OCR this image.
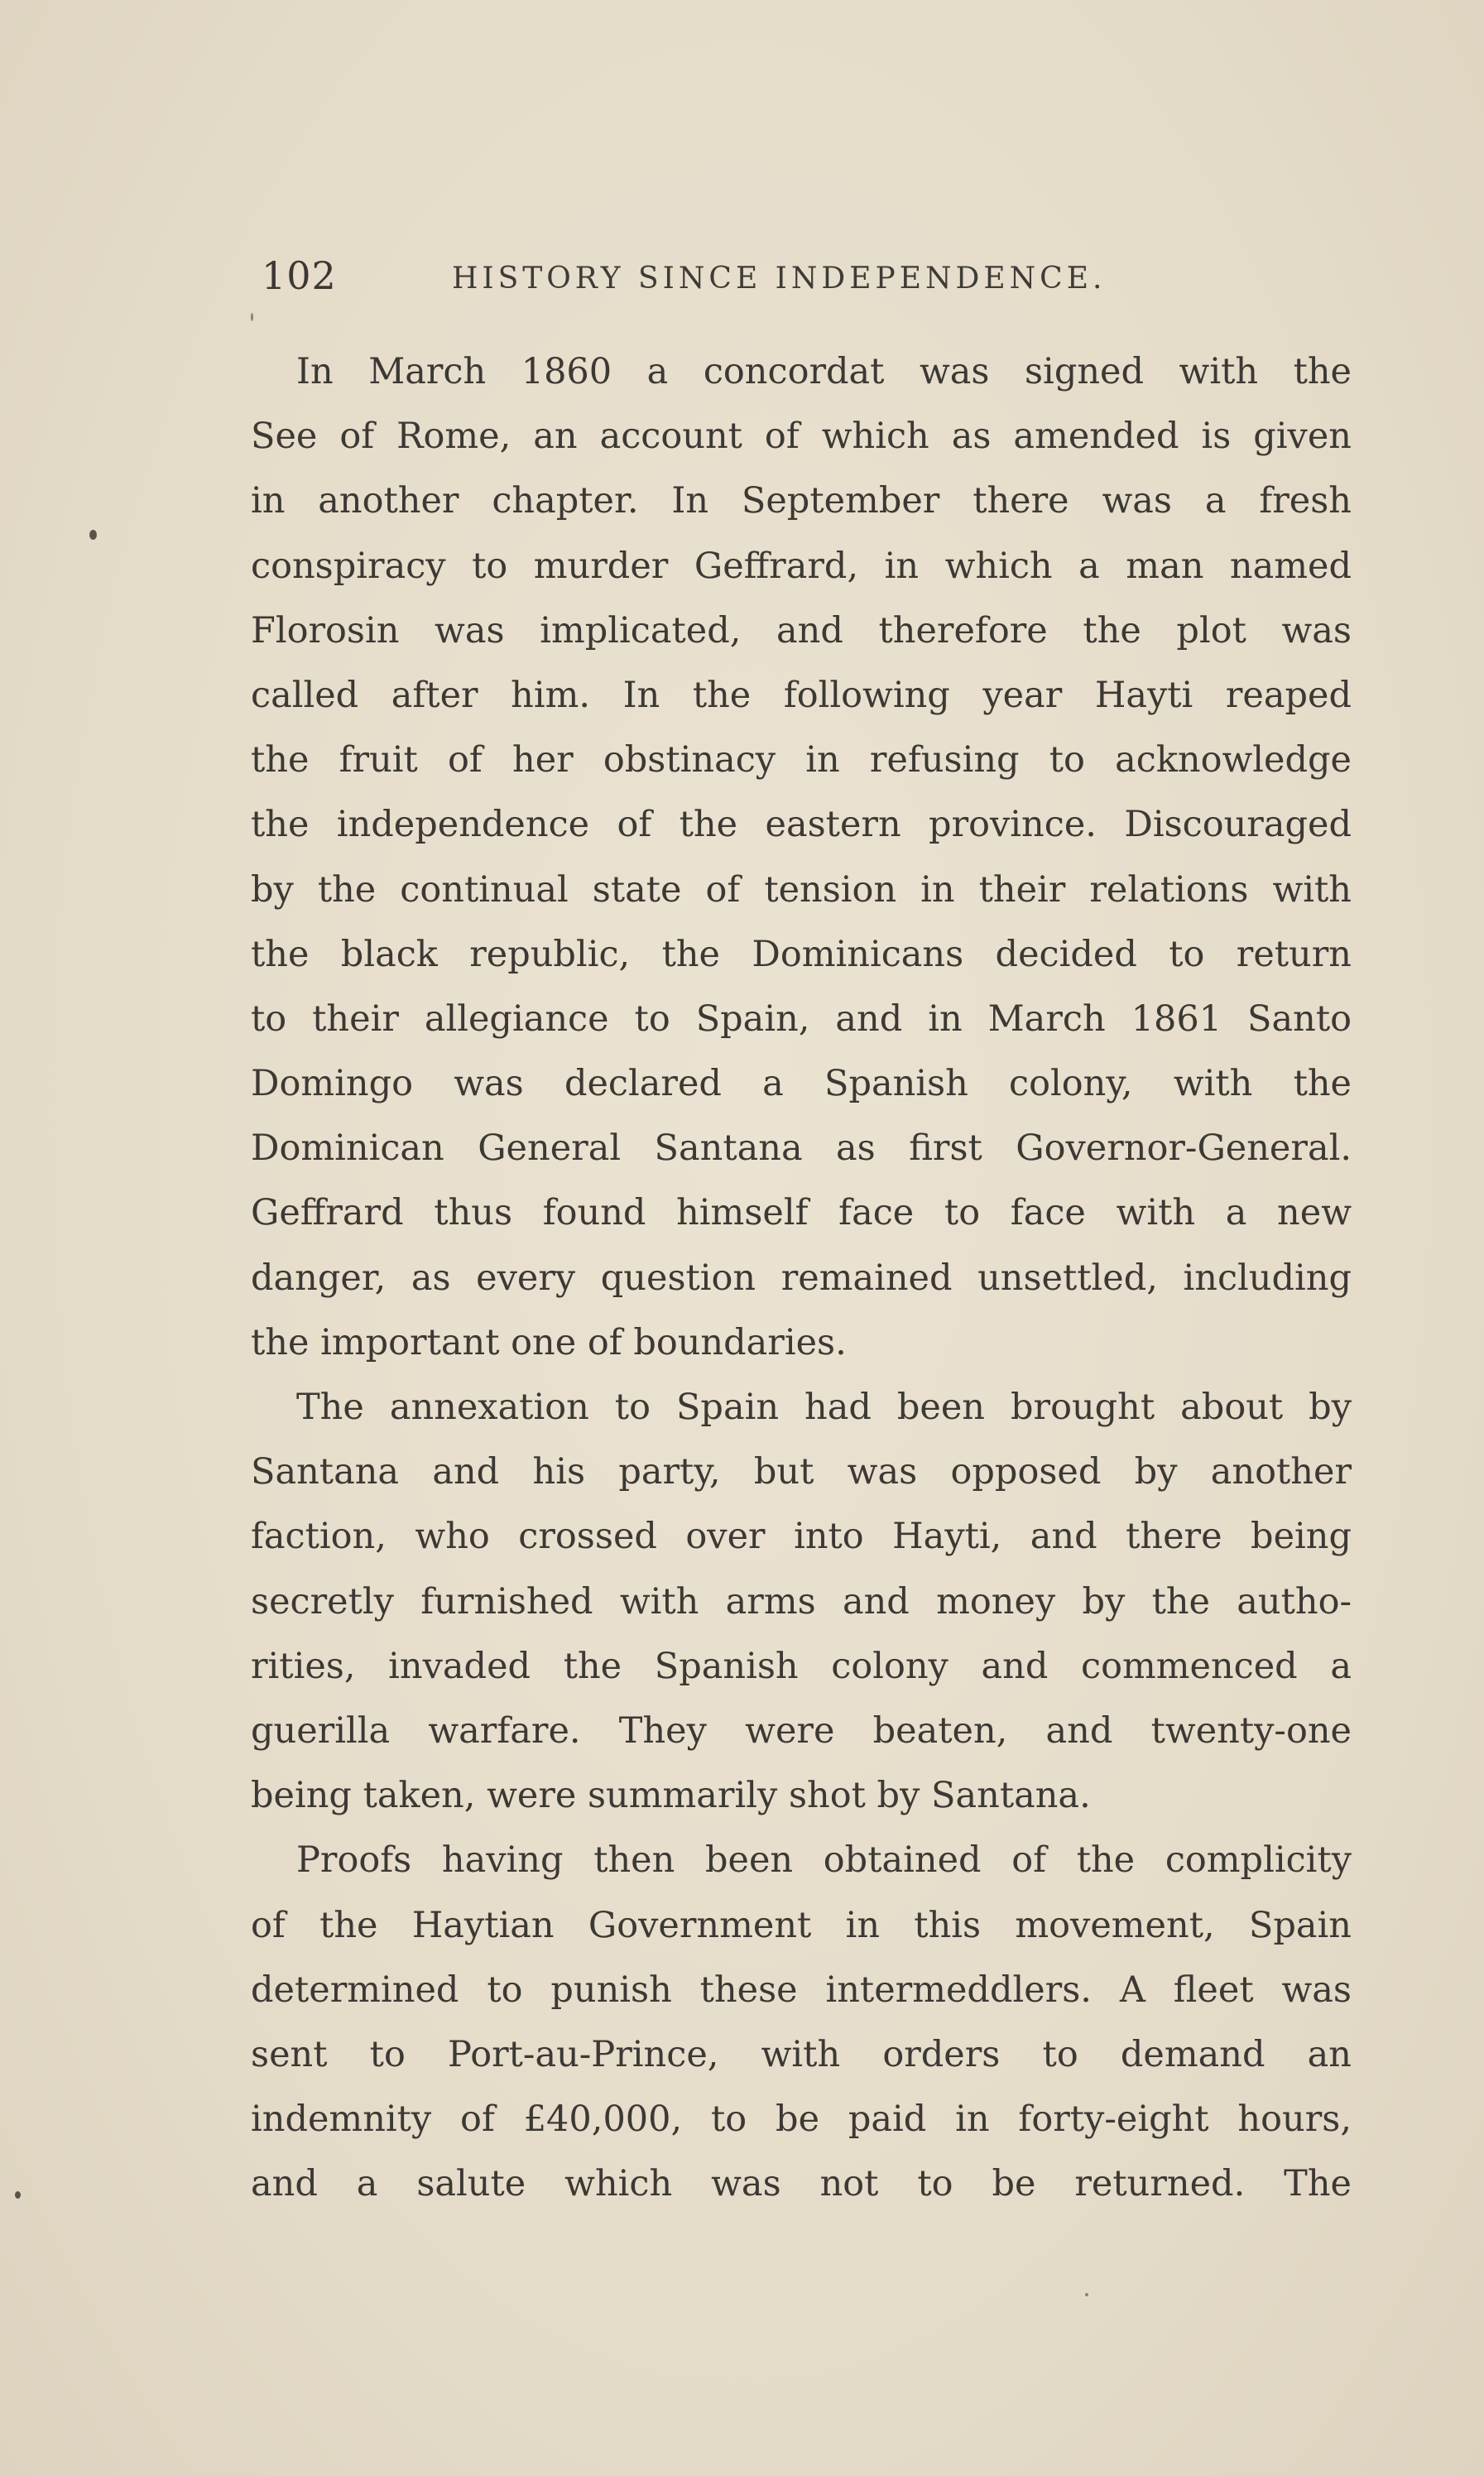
102	HISTORY SINCE INDEPENDENCE.
In March 1860 a concordat was signed with the
See of Rome, an account of which as amended is given
in another chapter. In September there was a fresh
conspiracy to murder Geffrard, in which a man named
Florosin was implicated, and therefore the plot was
called after him. In the following year Hayti reaped
the fruit of her obstinacy in refusing to acknowledge
the independence of the eastern province. Discouraged
by the continual state of tension in their relations with
the black republic, the Dominicans decided to return
to their allegiance to Spain, and in March 1861 Santo
Domingo was declared a Spanish colony, with the
Dominican General Santana as first Governor-General.
Geffrard thus found himself face to face with a new
danger, as every question remained unsettled, including
the important one of boundaries.
The annexation to Spain had been brought about by
Santana and his party, but was opposed by another
faction, who crossed over into Hayti, and there being
secretly furnished with arms and money by the autho-
rities, invaded the Spanish colony and commenced a
guerilla warfare. They were beaten, and twenty-one
being taken, were summarily shot by Santana.
Proofs having then been obtained of the complicity
of the Haytian Government in this movement, Spain
determined to punish these intermeddlers. A fleet was
sent to Port-au-Prince, with orders to demand an
indemnity of £40,000, to be paid in forty-eight hours,
and a salute which was not to be returned. The
